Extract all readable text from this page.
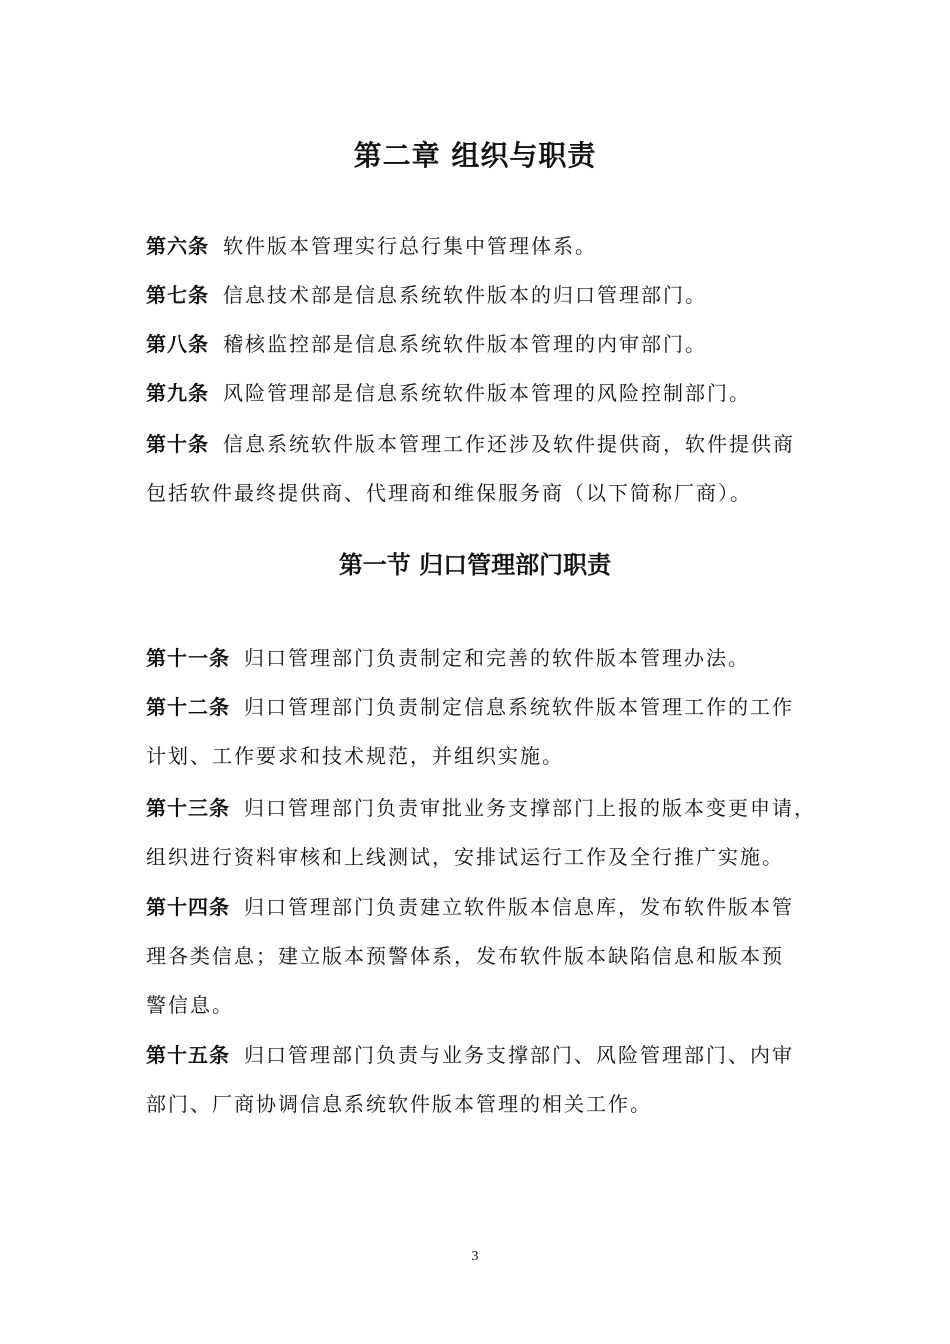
第二章 组织与职责
第六条 软件版本管理实行总行集中管理体系。
第七条 信息技术部是信息系统软件版本的归口管理部门。
第八条 稽核监控部是信息系统软件版本管理的内审部门。
第九条 风险管理部是信息系统软件版本管理的风险控制部门。
第十条 信息系统软件版本管理工作还涉及软件提供商，软件提供商
包括软件最终提供商、代理商和维保服务商（以下简称厂商）。
第一节 归口管理部门职责
第十一条 归口管理部门负责制定和完善的软件版本管理办法。
第十二条 归口管理部门负责制定信息系统软件版本管理工作的工作
计划、工作要求和技术规范，并组织实施。
第十三条 归口管理部门负责审批业务支撑部门上报的版本变更申请，
组织进行资料审核和上线测试，安排试运行工作及全行推广实施。
第十四条 归口管理部门负责建立软件版本信息库，发布软件版本管
理各类信息；建立版本预警体系，发布软件版本缺陷信息和版本预
警信息。
第十五条 归口管理部门负责与业务支撑部门、风险管理部门、内审
部门、厂商协调信息系统软件版本管理的相关工作。
3
